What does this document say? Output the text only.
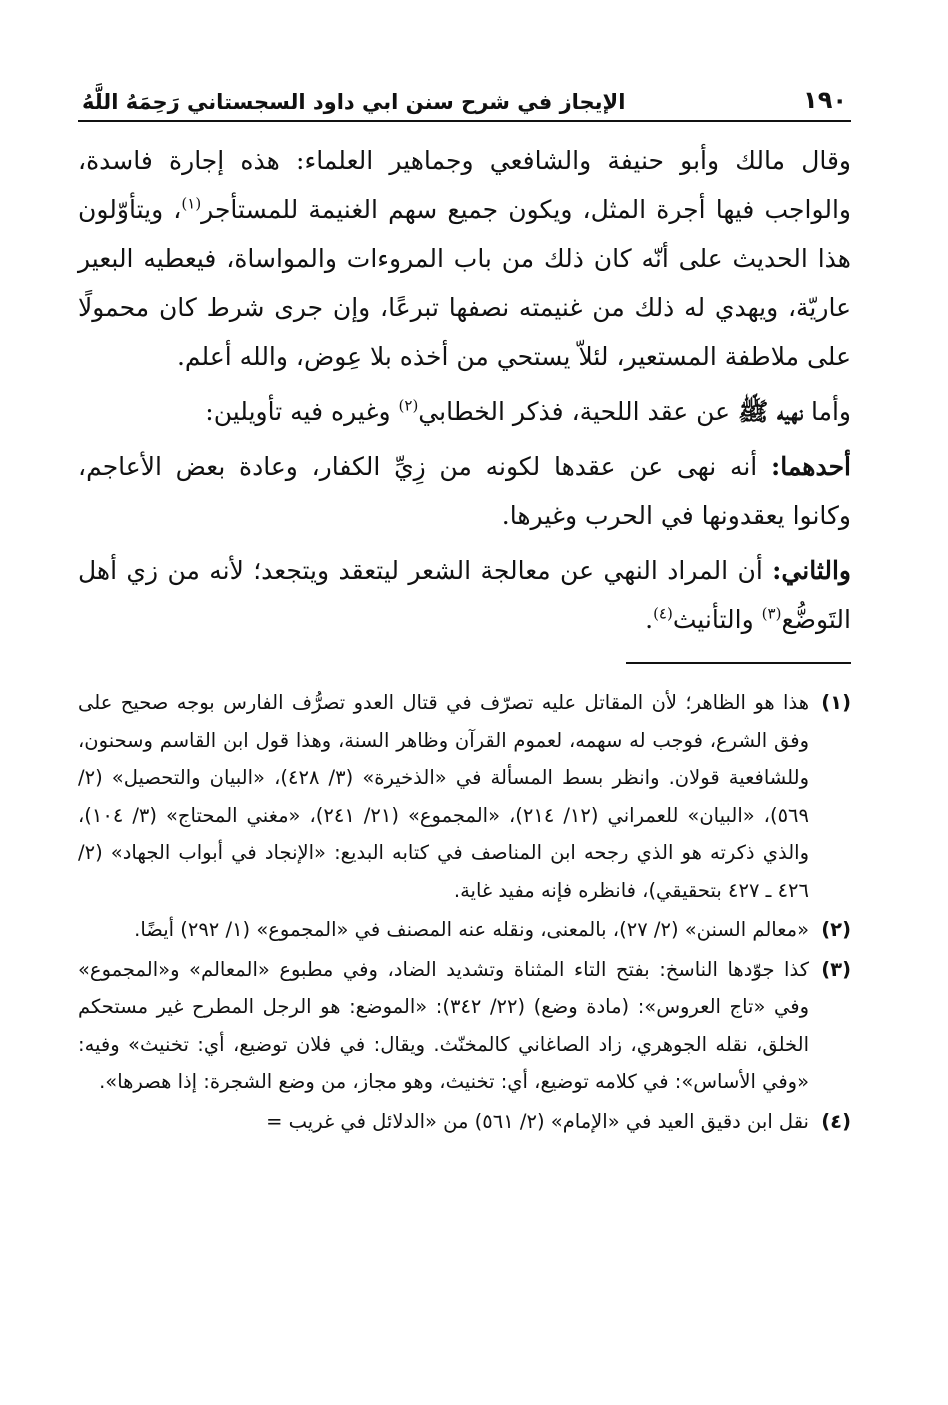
١٩٠
الإيجاز في شرح سنن ابي داود السجستاني رَحِمَهُ اللَّهُ

وقال مالك وأبو حنيفة والشافعي وجماهير العلماء: هذه إجارة فاسدة، والواجب فيها أجرة المثل، ويكون جميع سهم الغنيمة للمستأجر$^{(١)}$، ويتأوّلون هذا الحديث على أنّه كان ذلك من باب المروءات والمواساة، فيعطيه البعير عاريّة، ويهدي له ذلك من غنيمته نصفها تبرعًا، وإن جرى شرط كان محمولًا على ملاطفة المستعير، لئلاّ يستحي من أخذه بلا عِوض، والله أعلم.

وأما نهيه ﷺ عن عقد اللحية، فذكر الخطابي$^{(٢)}$ وغيره فيه تأويلين:

أحدهما: أنه نهى عن عقدها لكونه من زِيِّ الكفار، وعادة بعض الأعاجم، وكانوا يعقدونها في الحرب وغيرها.

والثاني: أن المراد النهي عن معالجة الشعر ليتعقد ويتجعد؛ لأنه من زي أهل التَوضُّع$^{(٣)}$ والتأنيث$^{(٤)}$.

(١)
هذا هو الظاهر؛ لأن المقاتل عليه تصرّف في قتال العدو تصرُّف الفارس بوجه صحيح على وفق الشرع، فوجب له سهمه، لعموم القرآن وظاهر السنة، وهذا قول ابن القاسم وسحنون، وللشافعية قولان. وانظر بسط المسألة في «الذخيرة» (٣/ ٤٢٨)، «البيان والتحصيل» (٢/ ٥٦٩)، «البيان» للعمراني (١٢/ ٢١٤)، «المجموع» (٢١/ ٢٤١)، «مغني المحتاج» (٣/ ١٠٤)، والذي ذكرته هو الذي رجحه ابن المناصف في كتابه البديع: «الإنجاد في أبواب الجهاد» (٢/ ٤٢٦ ـ ٤٢٧ بتحقيقي)، فانظره فإنه مفيد غاية.
(٢)
«معالم السنن» (٢/ ٢٧)، بالمعنى، ونقله عنه المصنف في «المجموع» (١/ ٢٩٢) أيضًا.
(٣)
كذا جوّدها الناسخ: بفتح التاء المثناة وتشديد الضاد، وفي مطبوع «المعالم» و«المجموع» وفي «تاج العروس»: (مادة وضع) (٢٢/ ٣٤٢): «الموضع: هو الرجل المطرح غير مستحكم الخلق، نقله الجوهري، زاد الصاغاني كالمخنّث. ويقال: في فلان توضيع، أي: تخنيث» وفيه: «وفي الأساس»: في كلامه توضيع، أي: تخنيث، وهو مجاز، من وضع الشجرة: إذا هصرها».
(٤)
نقل ابن دقيق العيد في «الإمام» (٢/ ٥٦١) من «الدلائل في غريب =
